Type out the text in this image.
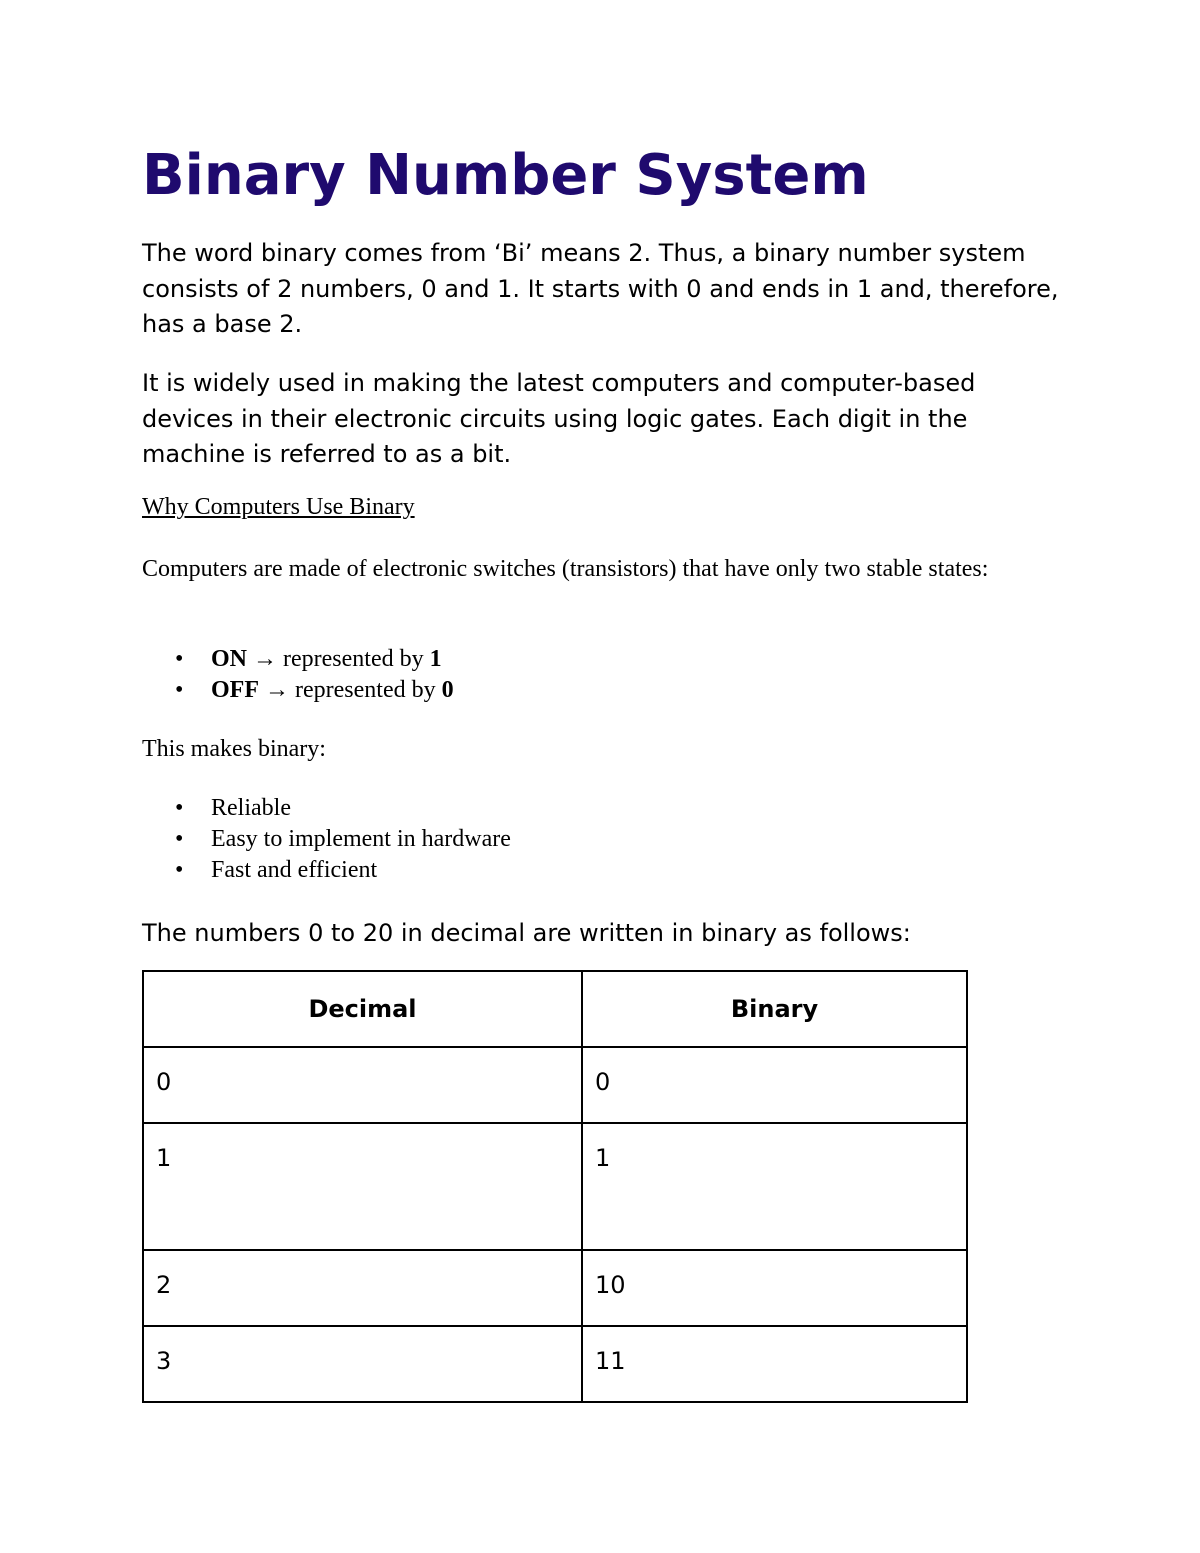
Binary Number System

The word binary comes from ‘Bi’ means 2. Thus, a binary number system consists of 2 numbers, 0 and 1. It starts with 0 and ends in 1 and, therefore, has a base 2.

It is widely used in making the latest computers and computer-based devices in their electronic circuits using logic gates. Each digit in the machine is referred to as a bit.

Why Computers Use Binary

Computers are made of electronic switches (transistors) that have only two stable states:

• ON → represented by 1
• OFF → represented by 0

This makes binary:

• Reliable
• Easy to implement in hardware
• Fast and efficient

The numbers 0 to 20 in decimal are written in binary as follows:

Decimal	Binary
0	0
1	1
2	10
3	11
